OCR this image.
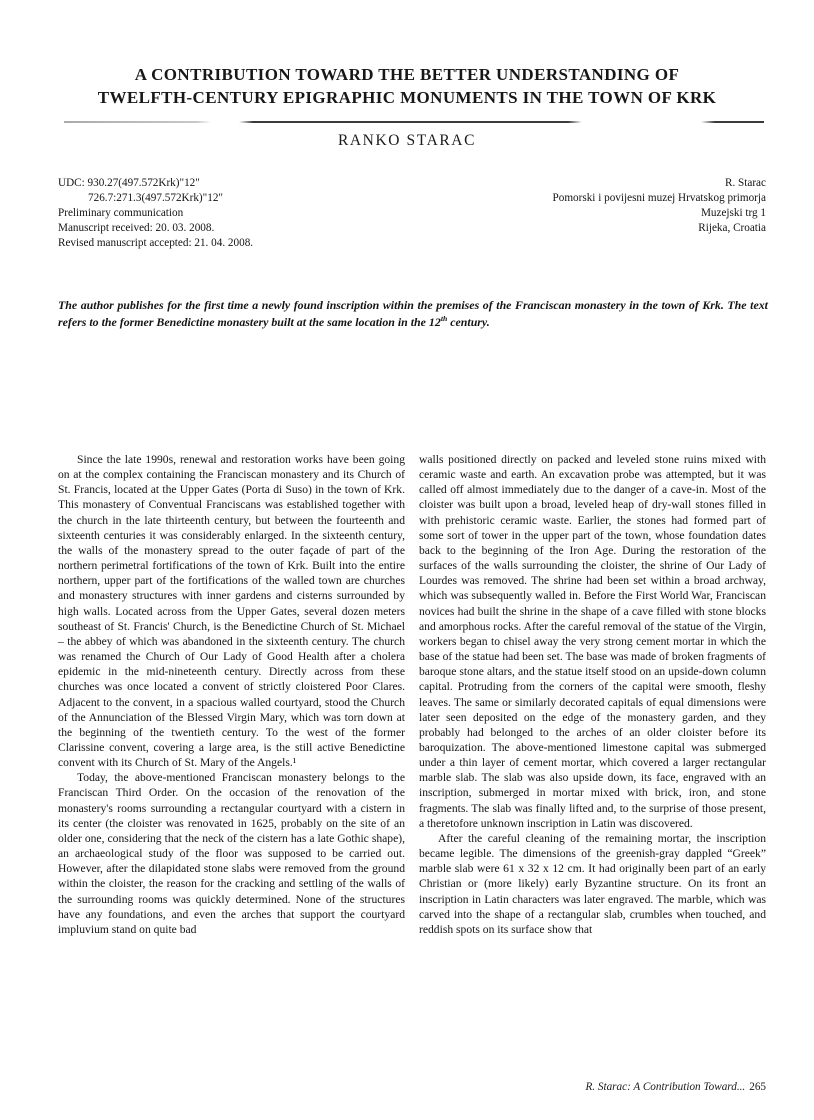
A CONTRIBUTION TOWARD THE BETTER UNDERSTANDING OF
TWELFTH-CENTURY EPIGRAPHIC MONUMENTS IN THE TOWN OF KRK
RANKO STARAC
UDC: 930.27(497.572Krk)"12"
726.7:271.3(497.572Krk)"12"
Preliminary communication
Manuscript received: 20. 03. 2008.
Revised manuscript accepted: 21. 04. 2008.
R. Starac
Pomorski i povijesni muzej Hrvatskog primorja
Muzejski trg 1
Rijeka, Croatia
The author publishes for the first time a newly found inscription within the premises of the Franciscan monastery in the town of Krk. The text refers to the former Benedictine monastery built at the same location in the 12th century.

Since the late 1990s, renewal and restoration works have been going on at the complex containing the Franciscan monastery and its Church of St. Francis, located at the Upper Gates (Porta di Suso) in the town of Krk. This monastery of Conventual Franciscans was established together with the church in the late thirteenth century, but between the fourteenth and sixteenth centuries it was considerably enlarged. In the sixteenth century, the walls of the monastery spread to the outer façade of part of the northern perimetral fortifications of the town of Krk. Built into the entire northern, upper part of the fortifications of the walled town are churches and monastery structures with inner gardens and cisterns surrounded by high walls. Located across from the Upper Gates, several dozen meters southeast of St. Francis' Church, is the Benedictine Church of St. Michael – the abbey of which was abandoned in the sixteenth century. The church was renamed the Church of Our Lady of Good Health after a cholera epidemic in the mid-nineteenth century. Directly across from these churches was once located a convent of strictly cloistered Poor Clares. Adjacent to the convent, in a spacious walled courtyard, stood the Church of the Annunciation of the Blessed Virgin Mary, which was torn down at the beginning of the twentieth century. To the west of the former Clarissine convent, covering a large area, is the still active Benedictine convent with its Church of St. Mary of the Angels.¹

Today, the above-mentioned Franciscan monastery belongs to the Franciscan Third Order. On the occasion of the renovation of the monastery's rooms surrounding a rectangular courtyard with a cistern in its center (the cloister was renovated in 1625, probably on the site of an older one, considering that the neck of the cistern has a late Gothic shape), an archaeological study of the floor was supposed to be carried out. However, after the dilapidated stone slabs were removed from the ground within the cloister, the reason for the cracking and settling of the walls of the surrounding rooms was quickly determined. None of the structures have any foundations, and even the arches that support the courtyard impluvium stand on quite bad

walls positioned directly on packed and leveled stone ruins mixed with ceramic waste and earth. An excavation probe was attempted, but it was called off almost immediately due to the danger of a cave-in. Most of the cloister was built upon a broad, leveled heap of dry-wall stones filled in with prehistoric ceramic waste. Earlier, the stones had formed part of some sort of tower in the upper part of the town, whose foundation dates back to the beginning of the Iron Age. During the restoration of the surfaces of the walls surrounding the cloister, the shrine of Our Lady of Lourdes was removed. The shrine had been set within a broad archway, which was subsequently walled in. Before the First World War, Franciscan novices had built the shrine in the shape of a cave filled with stone blocks and amorphous rocks. After the careful removal of the statue of the Virgin, workers began to chisel away the very strong cement mortar in which the base of the statue had been set. The base was made of broken fragments of baroque stone altars, and the statue itself stood on an upside-down column capital. Protruding from the corners of the capital were smooth, fleshy leaves. The same or similarly decorated capitals of equal dimensions were later seen deposited on the edge of the monastery garden, and they probably had belonged to the arches of an older cloister before its baroquization. The above-mentioned limestone capital was submerged under a thin layer of cement mortar, which covered a larger rectangular marble slab. The slab was also upside down, its face, engraved with an inscription, submerged in mortar mixed with brick, iron, and stone fragments. The slab was finally lifted and, to the surprise of those present, a theretofore unknown inscription in Latin was discovered.

After the careful cleaning of the remaining mortar, the inscription became legible. The dimensions of the greenish-gray dappled “Greek” marble slab were 61 x 32 x 12 cm. It had originally been part of an early Christian or (more likely) early Byzantine structure. On its front an inscription in Latin characters was later engraved. The marble, which was carved into the shape of a rectangular slab, crumbles when touched, and reddish spots on its surface show that

R. Starac: A Contribution Toward... 265
